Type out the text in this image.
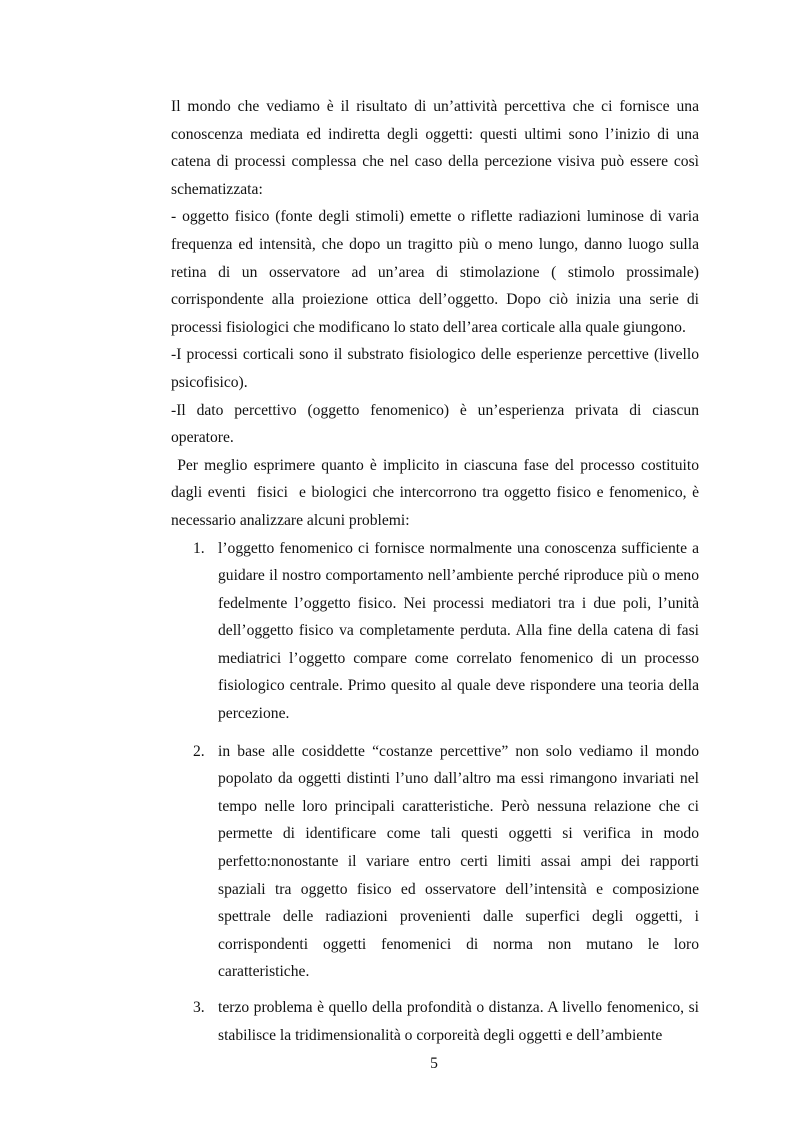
Il mondo che vediamo è il risultato di un’attività percettiva che ci fornisce una conoscenza mediata ed indiretta degli oggetti: questi ultimi sono l’inizio di una catena di processi complessa che nel caso della percezione visiva può essere così schematizzata:

- oggetto fisico (fonte degli stimoli) emette o riflette radiazioni luminose di varia frequenza ed intensità, che dopo un tragitto più o meno lungo, danno luogo sulla retina di un osservatore ad un’area di stimolazione ( stimolo prossimale) corrispondente alla proiezione ottica dell’oggetto. Dopo ciò inizia una serie di processi fisiologici che modificano lo stato dell’area corticale alla quale giungono.

-I processi corticali sono il substrato fisiologico delle esperienze percettive (livello psicofisico).

-Il dato percettivo (oggetto fenomenico) è un’esperienza privata di ciascun operatore.

Per meglio esprimere quanto è implicito in ciascuna fase del processo costituito dagli eventi  fisici  e biologici che intercorrono tra oggetto fisico e fenomenico, è necessario analizzare alcuni problemi:

1. l’oggetto fenomenico ci fornisce normalmente una conoscenza sufficiente a guidare il nostro comportamento nell’ambiente perché riproduce più o meno fedelmente l’oggetto fisico. Nei processi mediatori tra i due poli, l’unità dell’oggetto fisico va completamente perduta. Alla fine della catena di fasi mediatrici l’oggetto compare come correlato fenomenico di un processo fisiologico centrale. Primo quesito al quale deve rispondere una teoria della percezione.
2. in base alle cosiddette “costanze percettive” non solo vediamo il mondo popolato da oggetti distinti l’uno dall’altro ma essi rimangono invariati nel tempo nelle loro principali caratteristiche. Però nessuna relazione che ci permette di identificare come tali questi oggetti si verifica in modo perfetto:nonostante il variare entro certi limiti assai ampi dei rapporti spaziali tra oggetto fisico ed osservatore dell’intensità e composizione spettrale delle radiazioni provenienti dalle superfici degli oggetti, i corrispondenti oggetti fenomenici di norma non mutano le loro caratteristiche.
3. terzo problema è quello della profondità o distanza. A livello fenomenico, si stabilisce la tridimensionalità o corporeità degli oggetti e dell’ambiente
5
